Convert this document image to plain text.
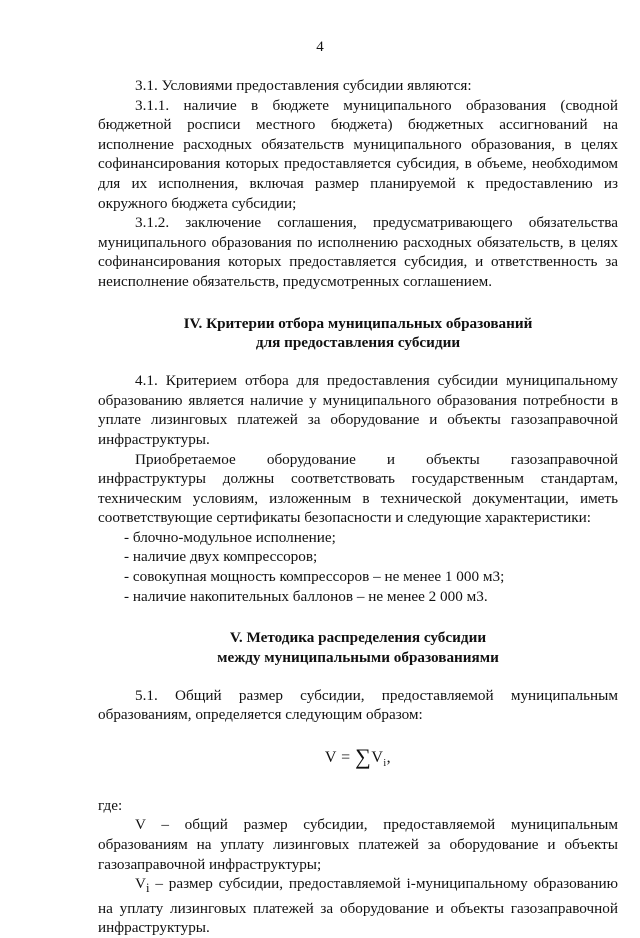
4

3.1. Условиями предоставления субсидии являются:

3.1.1. наличие в бюджете муниципального образования (сводной бюджетной росписи местного бюджета) бюджетных ассигнований на исполнение расходных обязательств муниципального образования, в целях софинансирования которых предоставляется субсидия, в объеме, необходимом для их исполнения, включая размер планируемой к предоставлению из окружного бюджета субсидии;

3.1.2. заключение соглашения, предусматривающего обязательства муниципального образования по исполнению расходных обязательств, в целях софинансирования которых предоставляется субсидия, и ответственность за неисполнение обязательств, предусмотренных соглашением.

IV. Критерии отбора муниципальных образований
для предоставления субсидии

4.1. Критерием отбора для предоставления субсидии муниципальному образованию является наличие у муниципального образования потребности в уплате лизинговых платежей за оборудование и объекты газозаправочной инфраструктуры.

Приобретаемое оборудование и объекты газозаправочной инфраструктуры должны соответствовать государственным стандартам, техническим условиям, изложенным в технической документации, иметь соответствующие сертификаты безопасности и следующие характеристики:

- блочно-модульное исполнение;

- наличие двух компрессоров;

- совокупная мощность компрессоров – не менее 1 000 м3;

- наличие накопительных баллонов – не менее 2 000 м3.

V. Методика распределения субсидии
между муниципальными образованиями

5.1. Общий размер субсидии, предоставляемой муниципальным образованиям, определяется следующим образом:

$V = \sum V_i$,

где:

V – общий размер субсидии, предоставляемой муниципальным образованиям на уплату лизинговых платежей за оборудование и объекты газозаправочной инфраструктуры;

$V_i$ – размер субсидии, предоставляемой i-муниципальному образованию на уплату лизинговых платежей за оборудование и объекты газозаправочной инфраструктуры.
